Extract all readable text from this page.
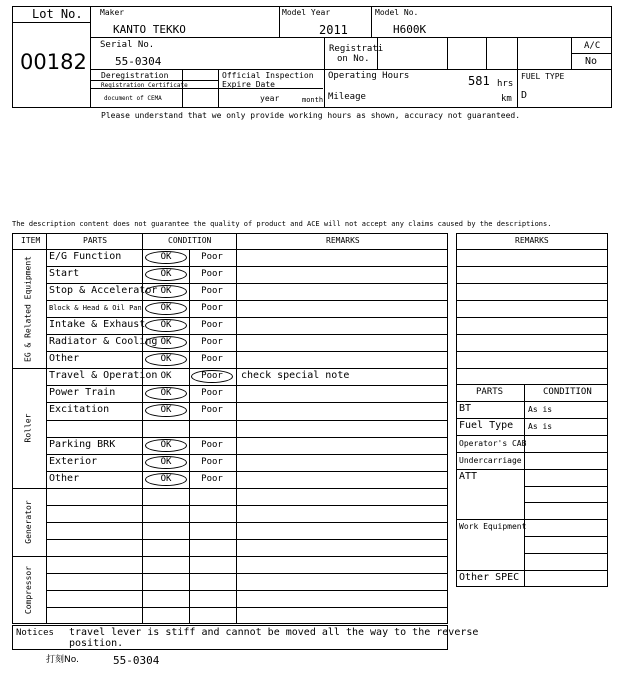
Lot No.
00182
Maker
KANTO TEKKO
Model Year
2011
Model No.
H600K
Serial No.
55-0304
Registrati
on No.
A/C
No
Deregistration
Registration Certificate
document of CEMA
Official Inspection
Expire Date
year	month
Operating Hours	581 hrs
Mileage	km
FUEL TYPE
D
Please understand that we only provide working hours as shown, accuracy not guaranteed.
The description content does not guarantee the quality of product and ACE will not accept any claims caused by the descriptions.
ITEM	PARTS	CONDITION	REMARKS
EG & Related Equipment E/G Function	OK	Poor
Start	OK	Poor
Stop & Accelerator OK	Poor
Block & Head & Oil Pan	OK	Poor
Intake & Exhaust	OK	Poor
Radiator & Cooling OK	Poor
Other	OK	Poor
Roller
Travel & Operation OK	Poor	check special note
Power Train	OK	Poor
Excitation	OK	Poor
Parking BRK	OK	Poor
Exterior	OK	Poor
Other	OK	Poor
Generator
Compressor
REMARKS
PARTS	CONDITION
BT	As is
Fuel Type As is
Operator's CAB
Undercarriage
ATT
Work Equipment
Other SPEC
Notices travel lever is stiff and cannot be moved all the way to the reverse
position.
打刻No.	55-0304
